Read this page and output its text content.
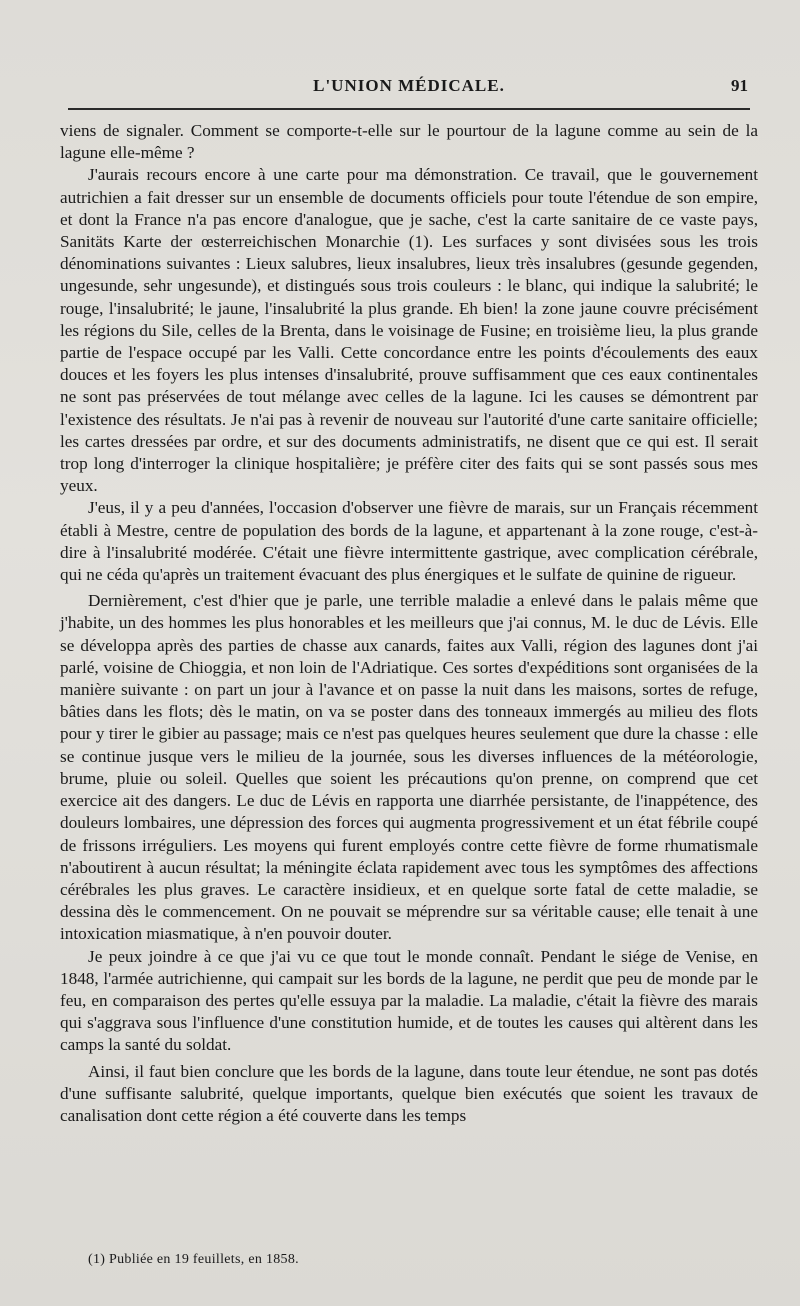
L'UNION MÉDICALE.	91

viens de signaler. Comment se comporte-t-elle sur le pourtour de la lagune comme au sein de la lagune elle-même ?

J'aurais recours encore à une carte pour ma démonstration. Ce travail, que le gouvernement autrichien a fait dresser sur un ensemble de documents officiels pour toute l'étendue de son empire, et dont la France n'a pas encore d'analogue, que je sache, c'est la carte sanitaire de ce vaste pays, Sanitäts Karte der œsterreichischen Monarchie (1). Les surfaces y sont divisées sous les trois dénominations suivantes : Lieux salubres, lieux insalubres, lieux très insalubres (gesunde gegenden, ungesunde, sehr ungesunde), et distingués sous trois couleurs : le blanc, qui indique la salubrité; le rouge, l'insalubrité; le jaune, l'insalubrité la plus grande. Eh bien! la zone jaune couvre précisément les régions du Sile, celles de la Brenta, dans le voisinage de Fusine; en troisième lieu, la plus grande partie de l'espace occupé par les Valli. Cette concordance entre les points d'écoulements des eaux douces et les foyers les plus intenses d'insalubrité, prouve suffisamment que ces eaux continentales ne sont pas préservées de tout mélange avec celles de la lagune. Ici les causes se démontrent par l'existence des résultats. Je n'ai pas à revenir de nouveau sur l'autorité d'une carte sanitaire officielle; les cartes dressées par ordre, et sur des documents administratifs, ne disent que ce qui est. Il serait trop long d'interroger la clinique hospitalière; je préfère citer des faits qui se sont passés sous mes yeux.

J'eus, il y a peu d'années, l'occasion d'observer une fièvre de marais, sur un Français récemment établi à Mestre, centre de population des bords de la lagune, et appartenant à la zone rouge, c'est-à-dire à l'insalubrité modérée. C'était une fièvre intermittente gastrique, avec complication cérébrale, qui ne céda qu'après un traitement évacuant des plus énergiques et le sulfate de quinine de rigueur.

Dernièrement, c'est d'hier que je parle, une terrible maladie a enlevé dans le palais même que j'habite, un des hommes les plus honorables et les meilleurs que j'ai connus, M. le duc de Lévis. Elle se développa après des parties de chasse aux canards, faites aux Valli, région des lagunes dont j'ai parlé, voisine de Chioggia, et non loin de l'Adriatique. Ces sortes d'expéditions sont organisées de la manière suivante : on part un jour à l'avance et on passe la nuit dans les maisons, sortes de refuge, bâties dans les flots; dès le matin, on va se poster dans des tonneaux immergés au milieu des flots pour y tirer le gibier au passage; mais ce n'est pas quelques heures seulement que dure la chasse : elle se continue jusque vers le milieu de la journée, sous les diverses influences de la météorologie, brume, pluie ou soleil. Quelles que soient les précautions qu'on prenne, on comprend que cet exercice ait des dangers. Le duc de Lévis en rapporta une diarrhée persistante, de l'inappétence, des douleurs lombaires, une dépression des forces qui augmenta progressivement et un état fébrile coupé de frissons irréguliers. Les moyens qui furent employés contre cette fièvre de forme rhumatismale n'aboutirent à aucun résultat; la méningite éclata rapidement avec tous les symptômes des affections cérébrales les plus graves. Le caractère insidieux, et en quelque sorte fatal de cette maladie, se dessina dès le commencement. On ne pouvait se méprendre sur sa véritable cause; elle tenait à une intoxication miasmatique, à n'en pouvoir douter.

Je peux joindre à ce que j'ai vu ce que tout le monde connaît. Pendant le siége de Venise, en 1848, l'armée autrichienne, qui campait sur les bords de la lagune, ne perdit que peu de monde par le feu, en comparaison des pertes qu'elle essuya par la maladie. La maladie, c'était la fièvre des marais qui s'aggrava sous l'influence d'une constitution humide, et de toutes les causes qui altèrent dans les camps la santé du soldat.

Ainsi, il faut bien conclure que les bords de la lagune, dans toute leur étendue, ne sont pas dotés d'une suffisante salubrité, quelque importants, quelque bien exécutés que soient les travaux de canalisation dont cette région a été couverte dans les temps

(1) Publiée en 19 feuillets, en 1858.
